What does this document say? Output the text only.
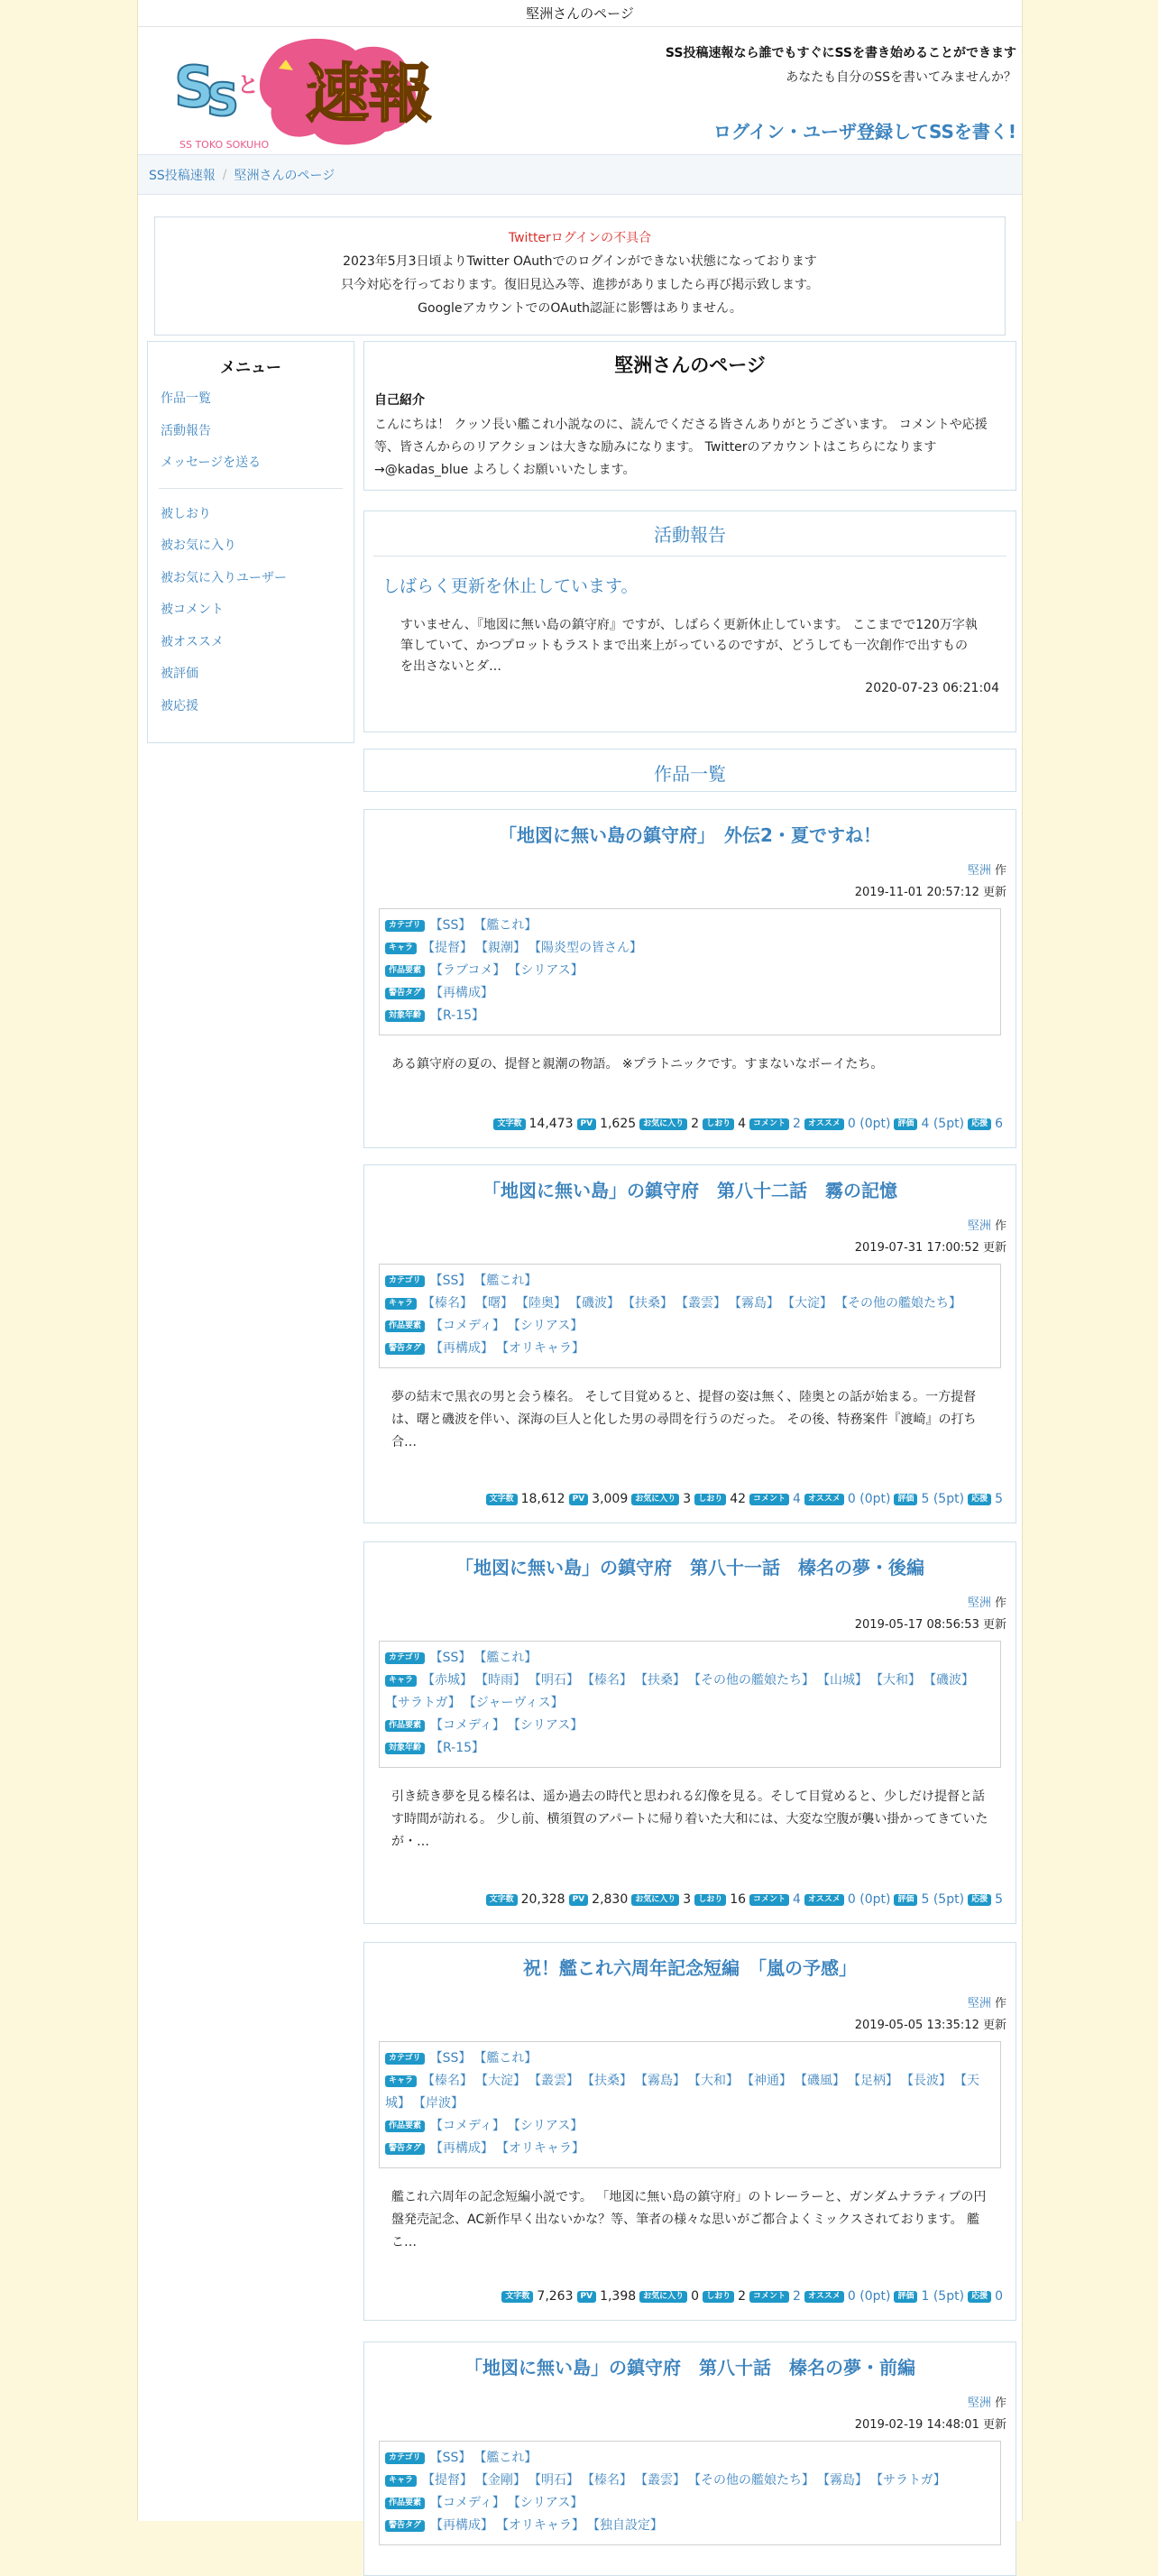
堅洲さんのページ
速報
S
S
とうこう
SS TOKO SOKUHO
SS投稿速報なら誰でもすぐにSSを書き始めることができます
あなたも自分のSSを書いてみませんか？
ログイン・ユーザ登録してSSを書く!
SS投稿速報 / 堅洲さんのページ
Twitterログインの不具合
2023年5月3日頃よりTwitter OAuthでのログインができない状態になっております
只今対応を行っております。復旧見込み等、進捗がありましたら再び掲示致します。
GoogleアカウントでのOAuth認証に影響はありません。
メニュー
作品一覧
活動報告
メッセージを送る
被しおり
被お気に入り
被お気に入りユーザー
被コメント
被オススメ
被評価
被応援
堅洲さんのページ
自己紹介
こんにちは！ クッソ長い艦これ小説なのに、読んでくださる皆さんありがとうございます。 コメントや応援等、皆さんからのリアクションは大きな励みになります。 Twitterのアカウントはこちらになります→@kadas_blue よろしくお願いいたします。
活動報告
しばらく更新を休止しています。
すいません、『地図に無い島の鎮守府』ですが、しばらく更新休止しています。 ここまでで120万字執筆していて、かつプロットもラストまで出来上がっているのですが、どうしても一次創作で出すものを出さないとダ…
2020-07-23 06:21:04
作品一覧
「地図に無い島の鎮守府」　外伝2・夏ですね！
堅洲 作
2019-11-01 20:57:12 更新
カテゴリ 【SS】 【艦これ】
キャラ 【提督】 【親潮】 【陽炎型の皆さん】
作品要素 【ラブコメ】 【シリアス】
警告タグ 【再構成】
対象年齢 【R-15】
ある鎮守府の夏の、提督と親潮の物語。 ※プラトニックです。すまないなボーイたち。
文字数 14,473 PV 1,625 お気に入り 2 しおり 4 コメント 2 オススメ 0 (0pt) 評価 4 (5pt) 応援 6
「地図に無い島」の鎮守府　第八十二話　霧の記憶
堅洲 作
2019-07-31 17:00:52 更新
カテゴリ 【SS】 【艦これ】
キャラ 【榛名】 【曙】 【陸奥】 【磯波】 【扶桑】 【叢雲】 【霧島】 【大淀】 【その他の艦娘たち】
作品要素 【コメディ】 【シリアス】
警告タグ 【再構成】 【オリキャラ】
夢の結末で黒衣の男と会う榛名。 そして目覚めると、提督の姿は無く、陸奥との話が始まる。一方提督は、曙と磯波を伴い、深海の巨人と化した男の尋問を行うのだった。 その後、特務案件『渡崎』の打ち合…
文字数 18,612 PV 3,009 お気に入り 3 しおり 42 コメント 4 オススメ 0 (0pt) 評価 5 (5pt) 応援 5
「地図に無い島」の鎮守府　第八十一話　榛名の夢・後編
堅洲 作
2019-05-17 08:56:53 更新
カテゴリ 【SS】 【艦これ】
キャラ 【赤城】 【時雨】 【明石】 【榛名】 【扶桑】 【その他の艦娘たち】 【山城】 【大和】 【磯波】【サラトガ】 【ジャーヴィス】
作品要素 【コメディ】 【シリアス】
対象年齢 【R-15】
引き続き夢を見る榛名は、遥か過去の時代と思われる幻像を見る。そして目覚めると、少しだけ提督と話す時間が訪れる。 少し前、横須賀のアパートに帰り着いた大和には、大変な空腹が襲い掛かってきていたが・…
文字数 20,328 PV 2,830 お気に入り 3 しおり 16 コメント 4 オススメ 0 (0pt) 評価 5 (5pt) 応援 5
祝！艦これ六周年記念短編　「嵐の予感」
堅洲 作
2019-05-05 13:35:12 更新
カテゴリ 【SS】 【艦これ】
キャラ 【榛名】 【大淀】 【叢雲】 【扶桑】 【霧島】 【大和】 【神通】 【磯風】 【足柄】 【長波】 【天城】 【岸波】
作品要素 【コメディ】 【シリアス】
警告タグ 【再構成】 【オリキャラ】
艦これ六周年の記念短編小説です。 「地図に無い島の鎮守府」のトレーラーと、ガンダムナラティブの円盤発売記念、AC新作早く出ないかな？等、筆者の様々な思いがご都合よくミックスされております。 艦こ…
文字数 7,263 PV 1,398 お気に入り 0 しおり 2 コメント 2 オススメ 0 (0pt) 評価 1 (5pt) 応援 0
「地図に無い島」の鎮守府　第八十話　榛名の夢・前編
堅洲 作
2019-02-19 14:48:01 更新
カテゴリ 【SS】 【艦これ】
キャラ 【提督】 【金剛】 【明石】 【榛名】 【叢雲】 【その他の艦娘たち】 【霧島】 【サラトガ】
作品要素 【コメディ】 【シリアス】
警告タグ 【再構成】 【オリキャラ】 【独自設定】
